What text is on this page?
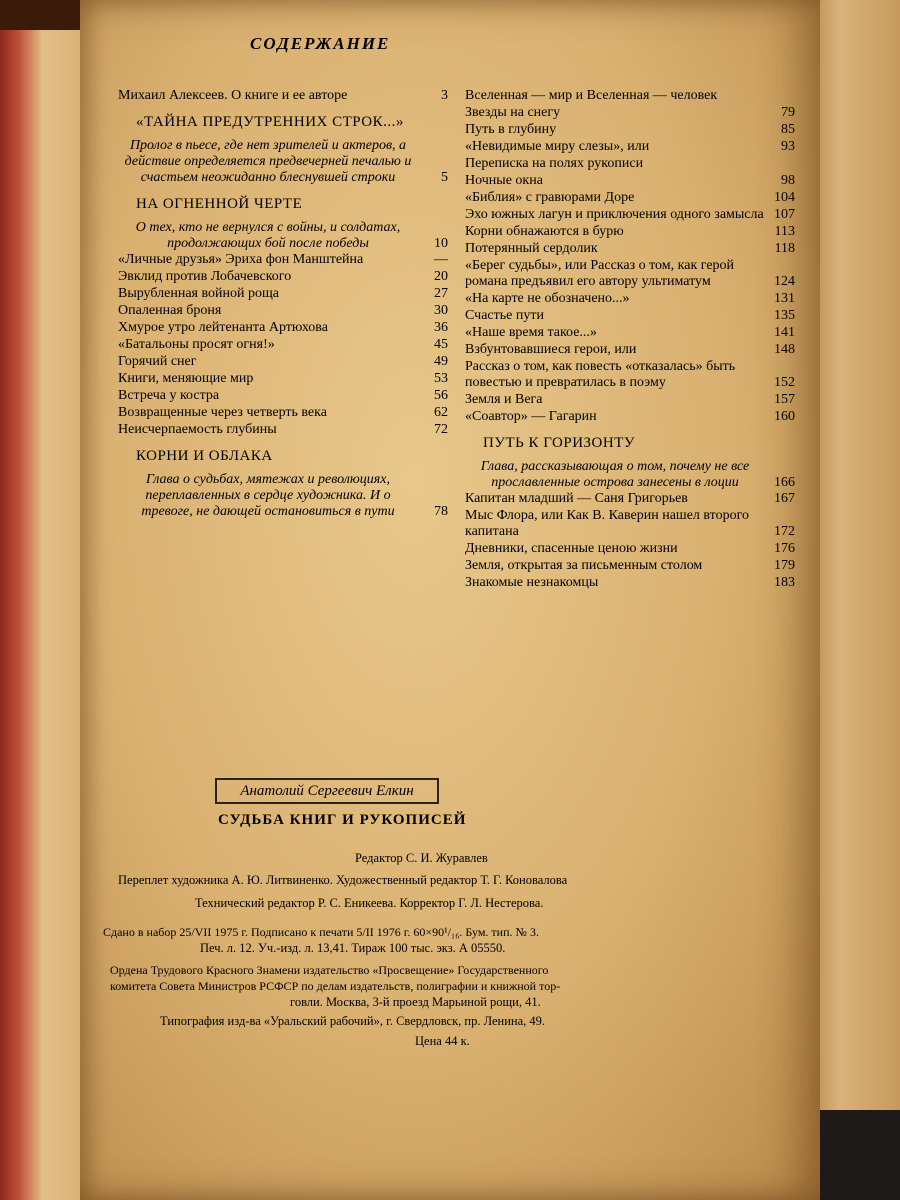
СОДЕРЖАНИЕ
Михаил Алексеев. О книге и ее авторе	3
«ТАЙНА ПРЕДУТРЕННИХ СТРОК...»
Пролог в пьесе, где нет зрителей и актеров, а действие определяется предвечерней печалью и счастьем неожиданно блеснувшей строки	5
НА ОГНЕННОЙ ЧЕРТЕ
О тех, кто не вернулся с войны, и солдатах, продолжающих бой после победы	10
«Личные друзья» Эриха фон Манштейна	—
Эвклид против Лобачевского	20
Вырубленная войной роща	27
Опаленная броня	30
Хмурое утро лейтенанта Артюхова	36
«Батальоны просят огня!»	45
Горячий снег	49
Книги, меняющие мир	53
Встреча у костра	56
Возвращенные через четверть века	62
Неисчерпаемость глубины	72
КОРНИ И ОБЛАКА
Глава о судьбах, мятежах и революциях, переплавленных в сердце художника. И о тревоге, не дающей остановиться в пути	78
Вселенная — мир и Вселенная — человек
Звезды на снегу	79
Путь в глубину	85
«Невидимые миру слезы», или	93
Переписка на полях рукописи
Ночные окна	98
«Библия» с гравюрами Доре	104
Эхо южных лагун и приключения одного замысла 107
Корни обнажаются в бурю	113
Потерянный сердолик	118
«Берег судьбы», или Рассказ о том, как герой романа предъявил его автору ультиматум	124
«На карте не обозначено...»	131
Счастье пути	135
«Наше время такое...»	141
Взбунтовавшиеся герои, или	148
Рассказ о том, как повесть «отказалась» быть повестью и превратилась в поэму	152
Земля и Вега	157
«Соавтор» — Гагарин	160
ПУТЬ К ГОРИЗОНТУ
Глава, рассказывающая о том, почему не все прославленные острова занесены в лоции	166
Капитан младший — Саня Григорьев	167
Мыс Флора, или Как В. Каверин нашел второго капитана	172
Дневники, спасенные ценою жизни	176
Земля, открытая за письменным столом	179
Знакомые незнакомцы	183
Анатолий Сергеевич Елкин
СУДЬБА КНИГ И РУКОПИСЕЙ
Редактор С. И. Журавлев
Переплет художника А. Ю. Литвиненко. Художественный редактор Т. Г. Коновалова
Технический редактор Р. С. Еникеева. Корректор Г. Л. Нестерова.
Сдано в набор 25/VII 1975 г. Подписано к печати 5/II 1976 г. 60×90¹/₁₆. Бум. тип. № 3.
Печ. л. 12. Уч.-изд. л. 13,41. Тираж 100 тыс. экз. А 05550.
Ордена Трудового Красного Знамени издательство «Просвещение» Государственного
комитета Совета Министров РСФСР по делам издательств, полиграфии и книжной тор-
говли. Москва, 3-й проезд Марьиной рощи, 41.
Типография изд-ва «Уральский рабочий», г. Свердловск, пр. Ленина, 49.
Цена 44 к.
